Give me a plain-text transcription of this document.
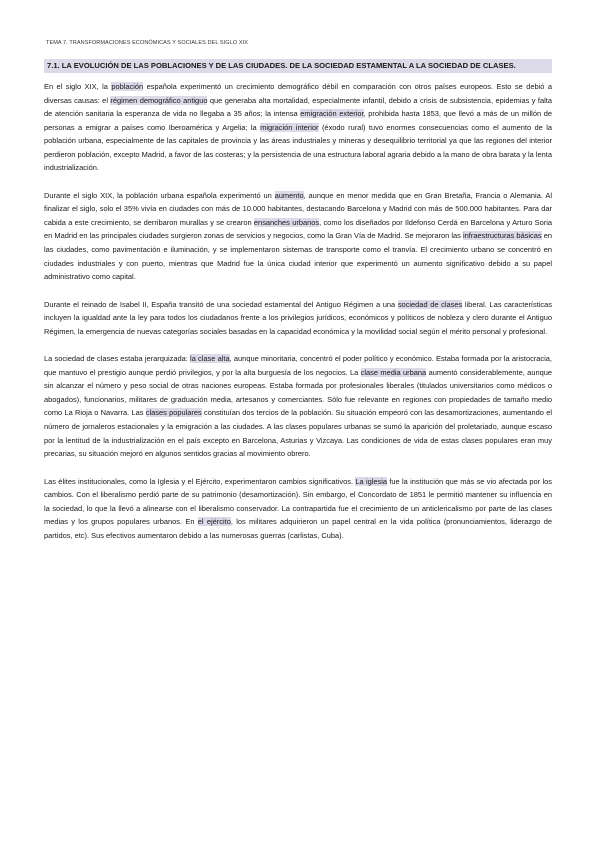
TEMA 7. TRANSFORMACIONES ECONÓMICAS Y SOCIALES DEL SIGLO XIX
7.1. LA EVOLUCIÓN DE LAS POBLACIONES Y DE LAS CIUDADES. DE LA SOCIEDAD ESTAMENTAL A LA SOCIEDAD DE CLASES.

En el siglo XIX, la población española experimentó un crecimiento demográfico débil en comparación con otros países europeos. Esto se debió a diversas causas: el régimen demográfico antiguo que generaba alta mortalidad, especialmente infantil, debido a crisis de subsistencia, epidemias y falta de atención sanitaria la esperanza de vida no llegaba a 35 años; la intensa emigración exterior, prohibida hasta 1853, que llevó a más de un millón de personas a emigrar a países como Iberoamérica y Argelia; la migración interior (éxodo rural) tuvo enormes consecuencias como el aumento de la población urbana, especialmente de las capitales de provincia y las áreas industriales y mineras y desequilibrio territorial ya que las regiones del interior perdieron población, excepto Madrid, a favor de las costeras; y la persistencia de una estructura laboral agraria debido a la mano de obra barata y la lenta industrialización.

Durante el siglo XIX, la población urbana española experimentó un aumento, aunque en menor medida que en Gran Bretaña, Francia o Alemania. Al finalizar el siglo, solo el 35% vivía en ciudades con más de 10.000 habitantes, destacando Barcelona y Madrid con más de 500.000 habitantes. Para dar cabida a este crecimiento, se derribaron murallas y se crearon ensanches urbanos, como los diseñados por Ildefonso Cerdá en Barcelona y Arturo Soria en Madrid en las principales ciudades surgieron zonas de servicios y negocios, como la Gran Vía de Madrid. Se mejoraron las infraestructuras básicas en las ciudades, como pavimentación e iluminación, y se implementaron sistemas de transporte como el tranvía. El crecimiento urbano se concentró en ciudades industriales y con puerto, mientras que Madrid fue la única ciudad interior que experimentó un aumento significativo debido a su papel administrativo como capital.

Durante el reinado de Isabel II, España transitó de una sociedad estamental del Antiguo Régimen a una sociedad de clases liberal. Las características incluyen la igualdad ante la ley para todos los ciudadanos frente a los privilegios jurídicos, económicos y políticos de nobleza y clero durante el Antiguo Régimen, la emergencia de nuevas categorías sociales basadas en la capacidad económica y la movilidad social según el mérito personal y profesional.

La sociedad de clases estaba jerarquizada: la clase alta, aunque minoritaria, concentró el poder político y económico. Estaba formada por la aristocracia, que mantuvo el prestigio aunque perdió privilegios, y por la alta burguesía de los negocios. La clase media urbana aumentó considerablemente, aunque sin alcanzar el número y peso social de otras naciones europeas. Estaba formada por profesionales liberales (titulados universitarios como médicos o abogados), funcionarios, militares de graduación media, artesanos y comerciantes. Sólo fue relevante en regiones con propiedades de tamaño medio como La Rioja o Navarra. Las clases populares constituían dos tercios de la población. Su situación empeoró con las desamortizaciones, aumentando el número de jornaleros estacionales y la emigración a las ciudades. A las clases populares urbanas se sumó la aparición del proletariado, aunque escaso por la lentitud de la industrialización en el país excepto en Barcelona, Asturias y Vizcaya. Las condiciones de vida de estas clases populares eran muy precarias, su situación mejoró en algunos sentidos gracias al movimiento obrero.

Las élites institucionales, como la Iglesia y el Ejército, experimentaron cambios significativos. La iglesia fue la institución que más se vio afectada por los cambios. Con el liberalismo perdió parte de su patrimonio (desamortización). Sin embargo, el Concordato de 1851 le permitió mantener su influencia en la sociedad, lo que la llevó a alinearse con el liberalismo conservador. La contrapartida fue el crecimiento de un anticlericalismo por parte de las clases medias y los grupos populares urbanos. En el ejército, los militares adquirieron un papel central en la vida política (pronunciamientos, liderazgo de partidos, etc). Sus efectivos aumentaron debido a las numerosas guerras (carlistas, Cuba).
